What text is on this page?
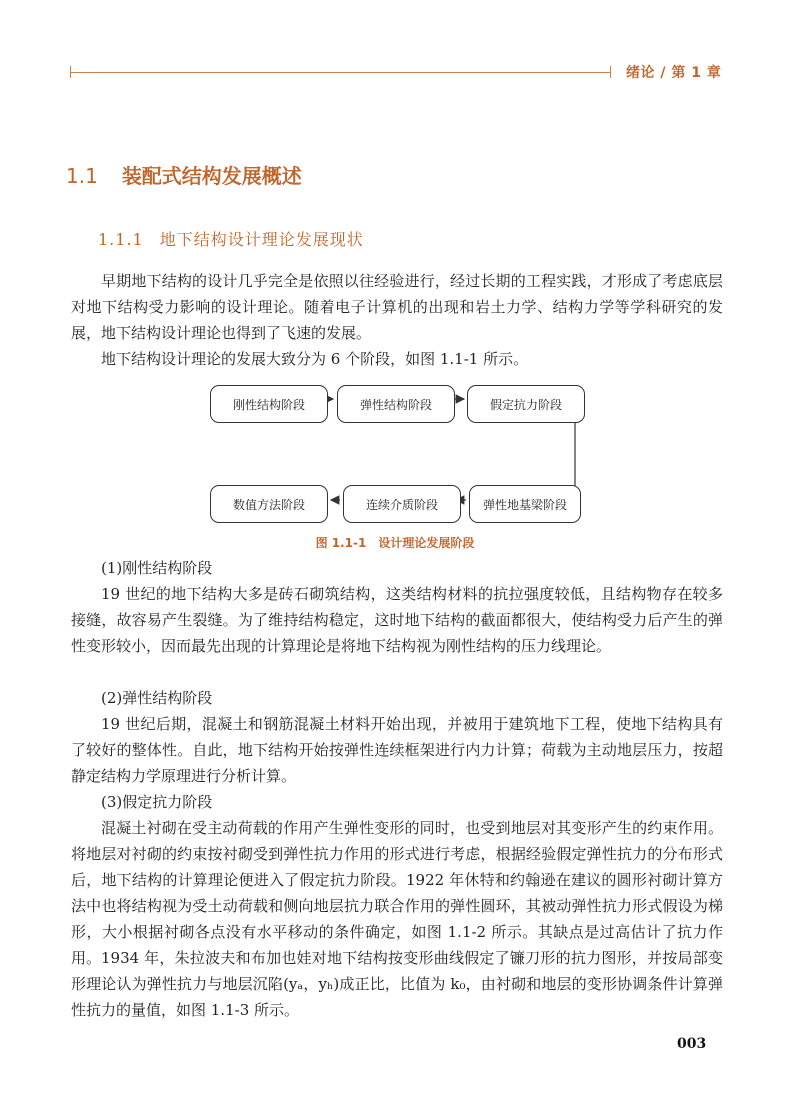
绪论 / 第 1 章
1.1 装配式结构发展概述
1.1.1 地下结构设计理论发展现状
早期地下结构的设计几乎完全是依照以往经验进行，经过长期的工程实践，才形成了考虑底层对地下结构受力影响的设计理论。随着电子计算机的出现和岩土力学、结构力学等学科研究的发展，地下结构设计理论也得到了飞速的发展。
地下结构设计理论的发展大致分为 6 个阶段，如图 1.1-1 所示。
刚性结构阶段	弹性结构阶段	假定抗力阶段
弹性地基梁阶段
连续介质阶段
数值方法阶段
图 1.1-1 设计理论发展阶段
(1)刚性结构阶段
19 世纪的地下结构大多是砖石砌筑结构，这类结构材料的抗拉强度较低，且结构物存在较多接缝，故容易产生裂缝。为了维持结构稳定，这时地下结构的截面都很大，使结构受力后产生的弹性变形较小，因而最先出现的计算理论是将地下结构视为刚性结构的压力线理论。
(2)弹性结构阶段
19 世纪后期，混凝土和钢筋混凝土材料开始出现，并被用于建筑地下工程，使地下结构具有了较好的整体性。自此，地下结构开始按弹性连续框架进行内力计算；荷载为主动地层压力，按超静定结构力学原理进行分析计算。
(3)假定抗力阶段
混凝土衬砌在受主动荷载的作用产生弹性变形的同时，也受到地层对其变形产生的约束作用。将地层对衬砌的约束按衬砌受到弹性抗力作用的形式进行考虑，根据经验假定弹性抗力的分布形式后，地下结构的计算理论便进入了假定抗力阶段。1922 年休特和约翰逊在建议的圆形衬砌计算方法中也将结构视为受土动荷载和侧向地层抗力联合作用的弹性圆环，其被动弹性抗力形式假设为梯形，大小根据衬砌各点没有水平移动的条件确定，如图 1.1-2 所示。其缺点是过高估计了抗力作用。 1934 年，朱拉波夫和布加也娃对地下结构按变形曲线假定了镰刀形的抗力图形，并按局部变形理论认为弹性抗力与地层沉陷(yₐ，yₕ)成正比，比值为 k₀，由衬砌和地层的变形协调条件计算弹性抗力的量值，如图 1.1-3 所示。
003
